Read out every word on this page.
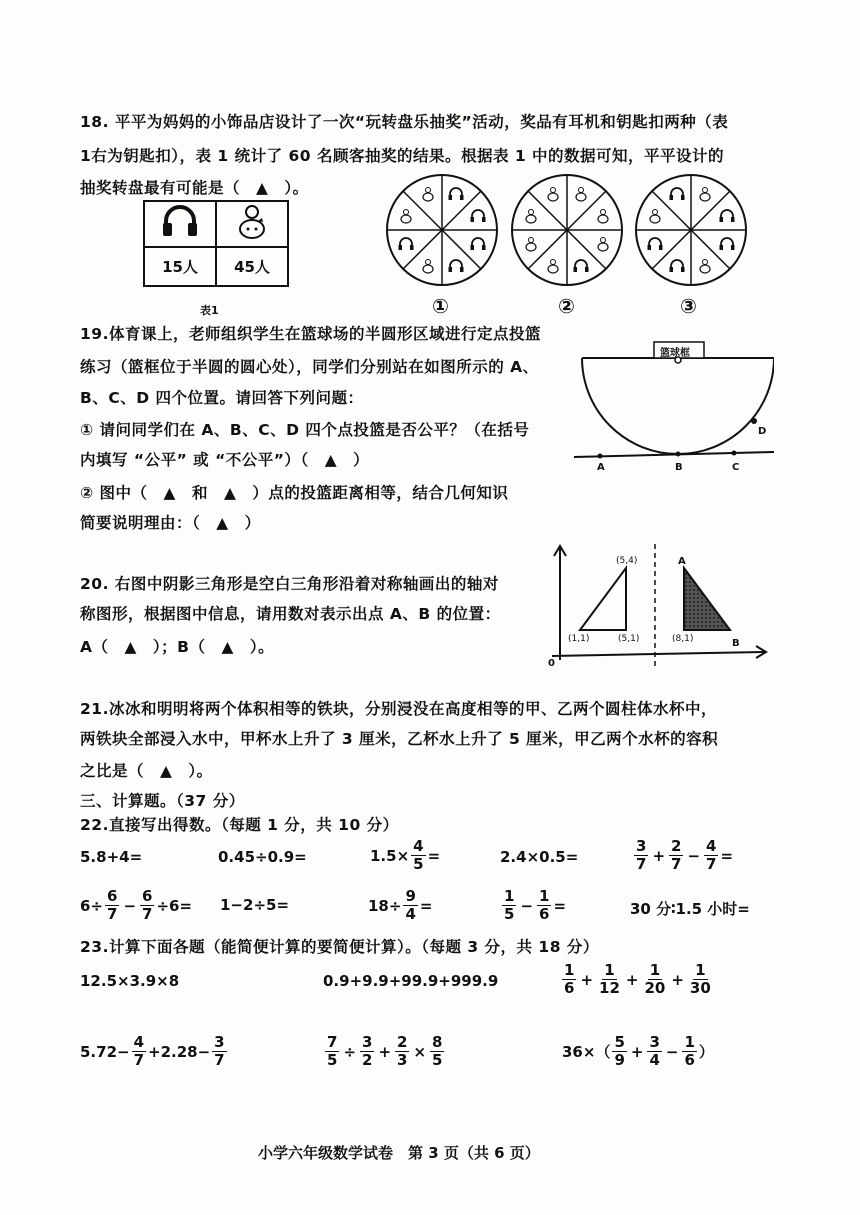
18. 平平为妈妈的小饰品店设计了一次“玩转盘乐抽奖”活动，奖品有耳机和钥匙扣两种（表
1右为钥匙扣），表 1 统计了 60 名顾客抽奖的结果。根据表 1 中的数据可知，平平设计的
抽奖转盘最有可能是（　▲　）。

15人	45人
表1	①	②	③
19.体育课上，老师组织学生在篮球场的半圆形区域进行定点投篮
练习（篮框位于半圆的圆心处），同学们分别站在如图所示的 A、
B、C、D 四个位置。请回答下列问题：
① 请问同学们在 A、B、C、D 四个点投篮是否公平？（在括号
内填写 “公平” 或 “不公平”）（　▲　）
② 图中（　▲　和　▲　）点的投篮距离相等，结合几何知识
简要说明理由：（　▲　）
篮球框
A	B	C
D
20. 右图中阴影三角形是空白三角形沿着对称轴画出的轴对
称图形，根据图中信息，请用数对表示出点 A、B 的位置：
A（　▲　）；B（　▲　）。
(5,4)
(1,1)	(5,1)	(8,1)
A
B
0
21.冰冰和明明将两个体积相等的铁块，分别浸没在高度相等的甲、乙两个圆柱体水杯中，
两铁块全部浸入水中，甲杯水上升了 3 厘米，乙杯水上升了 5 厘米，甲乙两个水杯的容积
之比是（　▲　）。
三、计算题。（37 分）
22.直接写出得数。（每题 1 分，共 10 分）
5.8+4=	0.45÷0.9=	$1.5\times \frac{4}{5}$ =	2.4×0.5=	$\frac{3}{7} + \frac{2}{7} - \frac{4}{7}$ =
$6\div \frac{6}{7} - \frac{6}{7} \div 6= 1-2\div 5=$	$18\div \frac{9}{4}$ =	$\frac{1}{5} - \frac{1}{6}$ =	30 分∶1.5 小时=
23.计算下面各题（能简便计算的要简便计算）。（每题 3 分，共 18 分）
12.5×3.9×8	0.9+9.9+99.9+999.9	$\frac{1}{6} + \frac{1}{12} + \frac{1}{20} + \frac{1}{30}$
$5.72- \frac{4}{7} +2.28- \frac{3}{7}$	$\frac{7}{5} \div \frac{3}{2} + \frac{2}{3} \times \frac{8}{5}$	$36\times( \frac{5}{9} + \frac{3}{4} - \frac{1}{6}$ ）
小学六年级数学试卷　第 3 页（共 6 页）
